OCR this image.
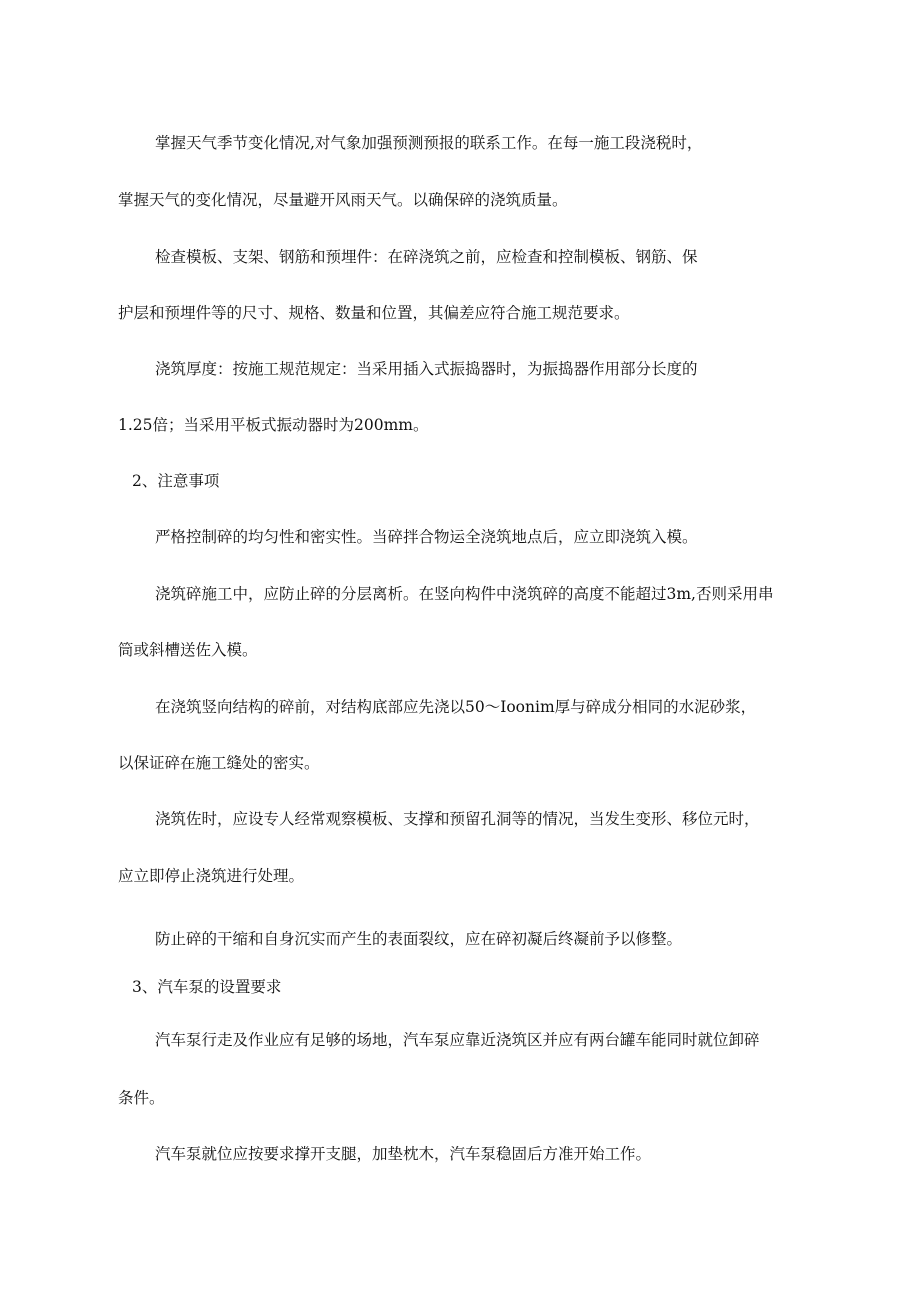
掌握天气季节变化情况,对气象加强预测预报的联系工作。在每一施工段浇税时，

掌握天气的变化情况，尽量避开风雨天气。以确保碎的浇筑质量。

检查模板、支架、钢筋和预埋件：在碎浇筑之前，应检查和控制模板、钢筋、保

护层和预埋件等的尺寸、规格、数量和位置，其偏差应符合施工规范要求。

浇筑厚度：按施工规范规定：当采用插入式振捣器时，为振捣器作用部分长度的

1.25倍；当采用平板式振动器时为200mm。

2、注意事项

严格控制碎的均匀性和密实性。当碎拌合物运全浇筑地点后，应立即浇筑入模。

浇筑碎施工中，应防止碎的分层离析。在竖向构件中浇筑碎的高度不能超过3m,否则采用串

筒或斜槽送佐入模。

在浇筑竖向结构的碎前，对结构底部应先浇以50～Ioonim厚与碎成分相同的水泥砂浆，

以保证碎在施工缝处的密实。

浇筑佐时，应设专人经常观察模板、支撑和预留孔洞等的情况，当发生变形、移位元时，

应立即停止浇筑进行处理。

防止碎的干缩和自身沉实而产生的表面裂纹，应在碎初凝后终凝前予以修整。

3、汽车泵的设置要求

汽车泵行走及作业应有足够的场地，汽车泵应靠近浇筑区并应有两台罐车能同时就位卸碎

条件。

汽车泵就位应按要求撑开支腿，加垫枕木，汽车泵稳固后方准开始工作。
